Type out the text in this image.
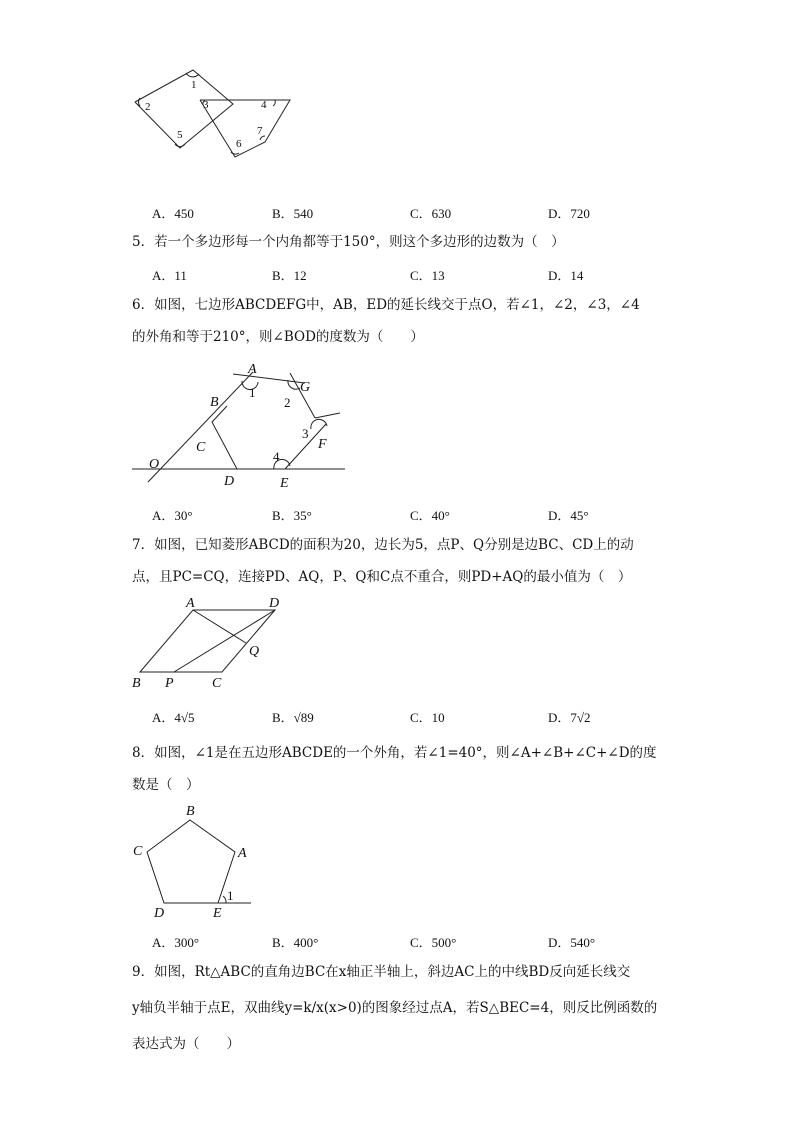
1
2	3	4
5
6
7
A．450	B．540	C．630	D．720
5．若一个多边形每一个内角都等于150°，则这个多边形的边数为（　）
A．11	B．12	C．13	D．14
6．如图，七边形ABCDEFG中，AB，ED的延长线交于点O，若∠1，∠2，∠3，∠4
的外角和等于210°，则∠BOD的度数为（　　）
A
G
B
C	F
O
D	E
1
2
3
4
A．30°	B．35°	C．40°	D．45°
7．如图，已知菱形ABCD的面积为20，边长为5，点P、Q分别是边BC、CD上的动
点，且PC=CQ，连接PD、AQ，P、Q和C点不重合，则PD+AQ的最小值为（　）
A	D
Q
B P	C
A．4√5	B．√89	C．10	D．7√2
8．如图，∠1是在五边形ABCDE的一个外角，若∠1=40°，则∠A+∠B+∠C+∠D的度
数是（　）
B
C	A
D	E
1
A．300°	B．400°	C．500°	D．540°
9．如图，Rt△ABC的直角边BC在x轴正半轴上，斜边AC上的中线BD反向延长线交
y轴负半轴于点E，双曲线y=k/x(x>0)的图象经过点A，若S△BEC=4，则反比例函数的
表达式为（　　）
